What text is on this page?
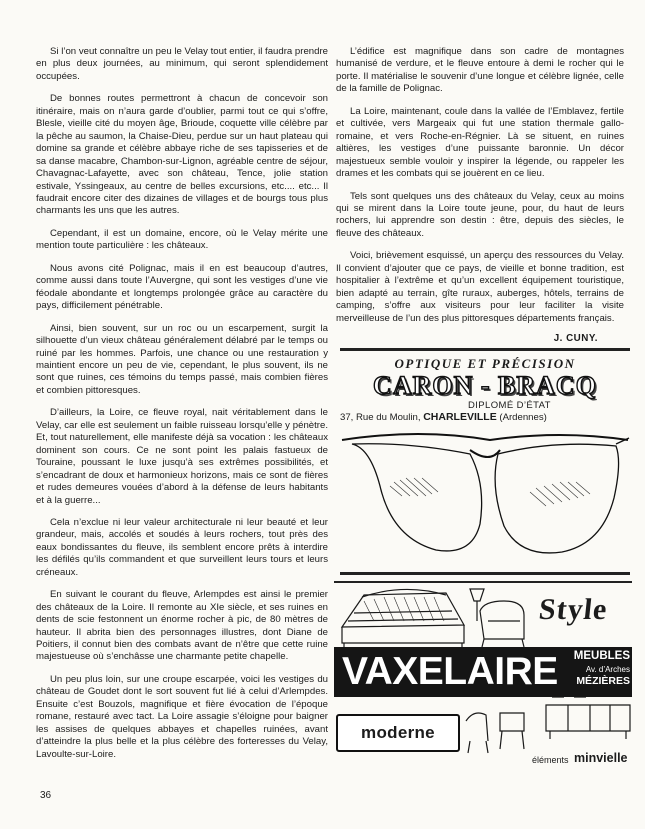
Si l’on veut connaître un peu le Velay tout entier, il faudra prendre en plus deux journées, au minimum, qui seront splendidement occupées.

De bonnes routes permettront à chacun de concevoir son itinéraire, mais on n’aura garde d’oublier, parmi tout ce qui s’offre, Blesle, vieille cité du moyen âge, Brioude, coquette ville célèbre par la pêche au saumon, la Chaise-Dieu, perdue sur un haut plateau qui domine sa grande et célèbre abbaye riche de ses tapisseries et de sa danse macabre, Chambon-sur-Lignon, agréable centre de séjour, Chavagnac-Lafayette, avec son château, Tence, jolie station estivale, Yssingeaux, au centre de belles excursions, etc.... etc... Il faudrait encore citer des dizaines de villages et de bourgs tous plus charmants les uns que les autres.

Cependant, il est un domaine, encore, où le Velay mérite une mention toute particulière : les châteaux.

Nous avons cité Polignac, mais il en est beaucoup d’autres, comme aussi dans toute l’Auvergne, qui sont les vestiges d’une vie féodale abondante et longtemps prolongée grâce au caractère du pays, difficilement pénétrable.

Ainsi, bien souvent, sur un roc ou un escarpement, surgit la silhouette d’un vieux château généralement délabré par le temps ou ruiné par les hommes. Parfois, une chance ou une restauration y maintient encore un peu de vie, cependant, le plus souvent, ils ne sont que ruines, ces témoins du temps passé, mais combien fières et combien pittoresques.

D’ailleurs, la Loire, ce fleuve royal, nait véritablement dans le Velay, car elle est seulement un faible ruisseau lorsqu’elle y pénètre. Et, tout naturellement, elle manifeste déjà sa vocation : les châteaux dominent son cours. Ce ne sont point les palais fastueux de Touraine, poussant le luxe jusqu’à ses extrêmes possibilités, et s’encadrant de doux et harmonieux horizons, mais ce sont de fières et rudes demeures vouées d’abord à la défense de leurs habitants et à la guerre...

Cela n’exclue ni leur valeur architecturale ni leur beauté et leur grandeur, mais, accolés et soudés à leurs rochers, tout près des eaux bondissantes du fleuve, ils semblent encore prêts à interdire les défilés qu’ils commandent et que surveillent leurs tours et leurs créneaux.

En suivant le courant du fleuve, Arlempdes est ainsi le premier des châteaux de la Loire. Il remonte au XIe siècle, et ses ruines en dents de scie festonnent un énorme rocher à pic, de 80 mètres de hauteur. Il abrita bien des personnages illustres, dont Diane de Poitiers, il connut bien des combats avant de n’être que cette ruine majestueuse où s’enchâsse une charmante petite chapelle.

Un peu plus loin, sur une croupe escarpée, voici les vestiges du château de Goudet dont le sort souvent fut lié à celui d’Arlempdes. Ensuite c’est Bouzols, magnifique et fière évocation de l’époque romane, restauré avec tact. La Loire assagie s’éloigne pour baigner les assises de quelques abbayes et chapelles ruinées, avant d’atteindre la plus belle et la plus célèbre des forteresses du Velay, Lavoulte-sur-Loire.

L’édifice est magnifique dans son cadre de montagnes humanisé de verdure, et le fleuve entoure à demi le rocher qui le porte. Il matérialise le souvenir d’une longue et célèbre lignée, celle de la famille de Polignac.

La Loire, maintenant, coule dans la vallée de l’Emblavez, fertile et cultivée, vers Margeaix qui fut une station thermale gallo-romaine, et vers Roche-en-Régnier. Là se situent, en ruines altières, les vestiges d’une puissante baronnie. Un décor majestueux semble vouloir y inspirer la légende, ou rappeler les drames et les combats qui se jouèrent en ce lieu.

Tels sont quelques uns des châteaux du Velay, ceux au moins qui se mirent dans la Loire toute jeune, pour, du haut de leurs rochers, lui apprendre son destin : être, depuis des siècles, le fleuve des châteaux.

Voici, brièvement esquissé, un aperçu des ressources du Velay. Il convient d’ajouter que ce pays, de vieille et bonne tradition, est hospitalier à l’extrême et qu’un excellent équipement touristique, bien adapté au terrain, gîte ruraux, auberges, hôtels, terrains de camping, s’offre aux visiteurs pour leur faciliter la visite merveilleuse de l’un des plus pittoresques départements français.

J. CUNY.
OPTIQUE ET PRÉCISION
CARON - BRACQ
DIPLOMÉ D’ÉTAT
37, Rue du Moulin, CHARLEVILLE (Ardennes)
Style
VAXELAIRE	MEUBLES
Av. d’Arches
MÉZIÈRES
moderne
éléments minvielle
36
